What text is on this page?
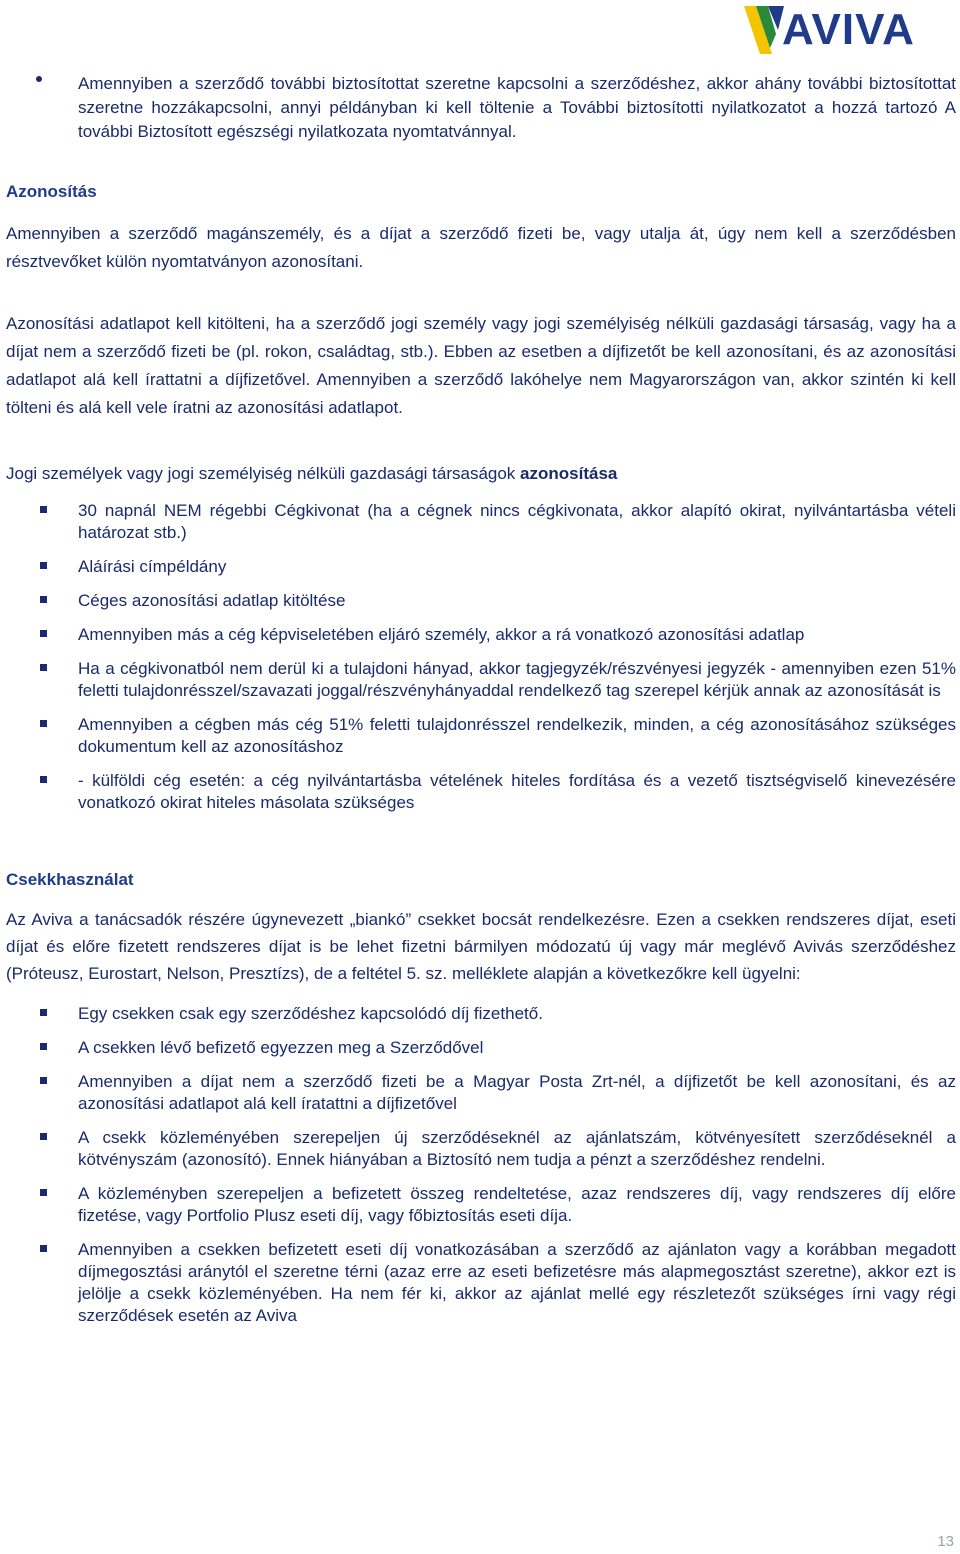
AVIVA

Amennyiben a szerződő további biztosítottat szeretne kapcsolni a szerződéshez, akkor ahány további biztosítottat szeretne hozzákapcsolni, annyi példányban ki kell töltenie a További biztosítotti nyilatkozatot a hozzá tartozó A további Biztosított egészségi nyilatkozata nyomtatvánnyal.

Azonosítás

Amennyiben a szerződő magánszemély, és a díjat a szerződő fizeti be, vagy utalja át, úgy nem kell a szerződésben résztvevőket külön nyomtatványon azonosítani.

Azonosítási adatlapot kell kitölteni, ha a szerződő jogi személy vagy jogi személyiség nélküli gazdasági társaság, vagy ha a díjat nem a szerződő fizeti be (pl. rokon, családtag, stb.). Ebben az esetben a díjfizetőt be kell azonosítani, és az azonosítási adatlapot alá kell írattatni a díjfizetővel. Amennyiben a szerződő lakóhelye nem Magyarországon van, akkor szintén ki kell tölteni és alá kell vele íratni az azonosítási adatlapot.

Jogi személyek vagy jogi személyiség nélküli gazdasági társaságok azonosítása

30 napnál NEM régebbi Cégkivonat (ha a cégnek nincs cégkivonata, akkor alapító okirat, nyilvántartásba vételi határozat stb.)
Aláírási címpéldány
Céges azonosítási adatlap kitöltése
Amennyiben más a cég képviseletében eljáró személy, akkor a rá vonatkozó azonosítási adatlap
Ha a cégkivonatból nem derül ki a tulajdoni hányad, akkor tagjegyzék/részvényesi jegyzék - amennyiben ezen 51% feletti tulajdonrésszel/szavazati joggal/részvényhányaddal rendelkező tag szerepel kérjük annak az azonosítását is
Amennyiben a cégben más cég 51% feletti tulajdonrésszel rendelkezik, minden, a cég azonosításához szükséges dokumentum kell az azonosításhoz
- külföldi cég esetén: a cég nyilvántartásba vételének hiteles fordítása és a vezető tisztségviselő kinevezésére vonatkozó okirat hiteles másolata szükséges

Csekkhasználat

Az Aviva a tanácsadók részére úgynevezett „biankó” csekket bocsát rendelkezésre. Ezen a csekken rendszeres díjat, eseti díjat és előre fizetett rendszeres díjat is be lehet fizetni bármilyen módozatú új vagy már meglévő Avivás szerződéshez (Próteusz, Eurostart, Nelson, Presztízs), de a feltétel 5. sz. melléklete alapján a következőkre kell ügyelni:

Egy csekken csak egy szerződéshez kapcsolódó díj fizethető.
A csekken lévő befizető egyezzen meg a Szerződővel
Amennyiben a díjat nem a szerződő fizeti be a Magyar Posta Zrt-nél, a díjfizetőt be kell azonosítani, és az azonosítási adatlapot alá kell íratattni a díjfizetővel
A csekk közleményében szerepeljen új szerződéseknél az ajánlatszám, kötvényesített szerződéseknél a kötvényszám (azonosító). Ennek hiányában a Biztosító nem tudja a pénzt a szerződéshez rendelni.
A közleményben szerepeljen a befizetett összeg rendeltetése, azaz rendszeres díj, vagy rendszeres díj előre fizetése, vagy Portfolio Plusz eseti díj, vagy főbiztosítás eseti díja.
Amennyiben a csekken befizetett eseti díj vonatkozásában a szerződő az ajánlaton vagy a korábban megadott díjmegosztási aránytól el szeretne térni (azaz erre az eseti befizetésre más alapmegosztást szeretne), akkor ezt is jelölje a csekk közleményében. Ha nem fér ki, akkor az ajánlat mellé egy részletezőt szükséges írni vagy régi szerződések esetén az Aviva
13
